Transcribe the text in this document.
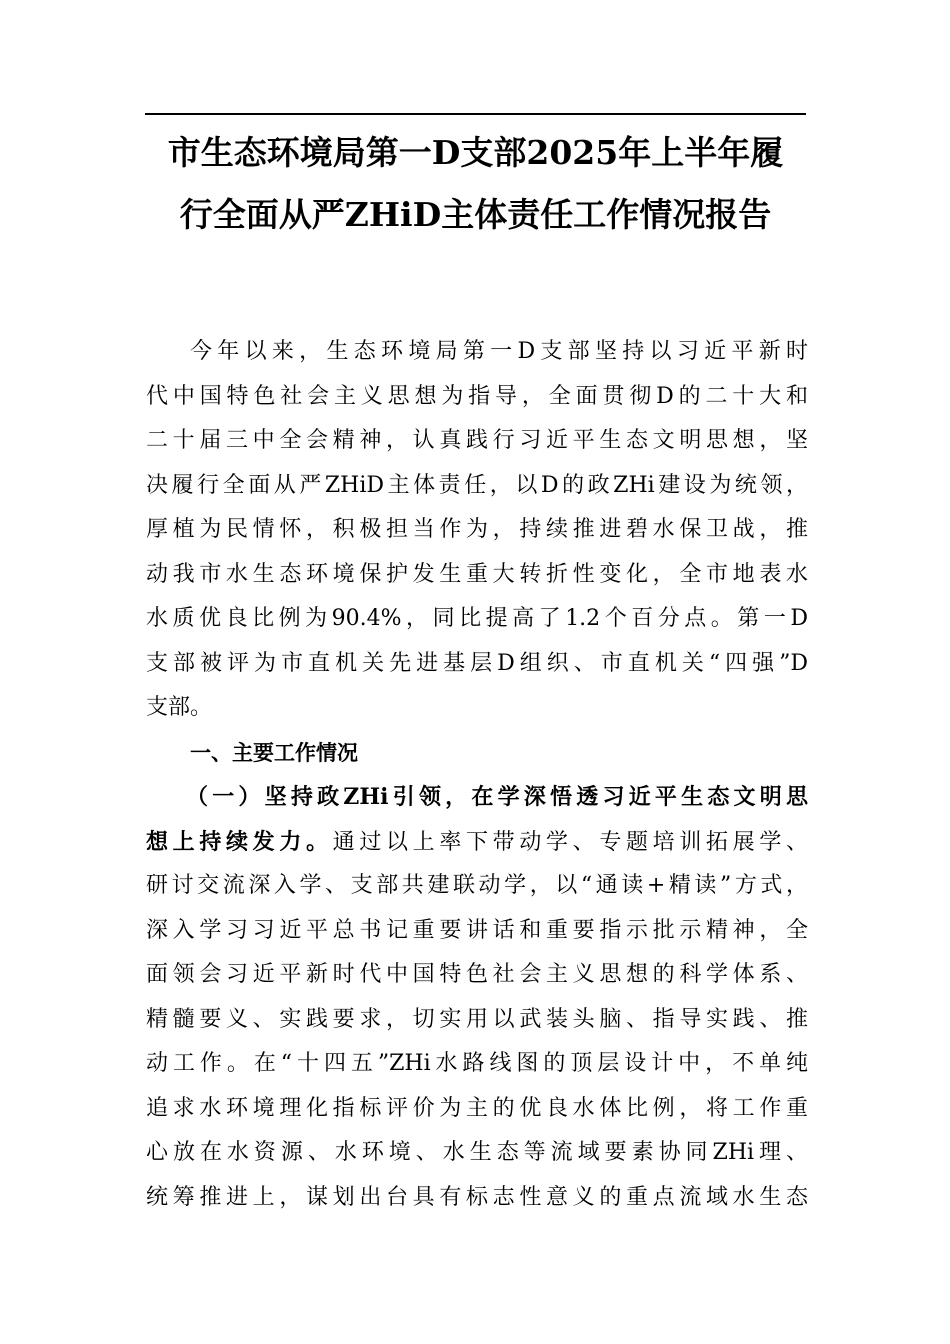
市生态环境局第一D支部2025年上半年履
行全面从严ZHiD主体责任工作情况报告
今年以来，生态环境局第一D支部坚持以习近平新时
代中国特色社会主义思想为指导，全面贯彻D的二十大和
二十届三中全会精神，认真践行习近平生态文明思想，坚
决履行全面从严ZHiD主体责任，以D的政ZHi建设为统领，
厚植为民情怀，积极担当作为，持续推进碧水保卫战，推
动我市水生态环境保护发生重大转折性变化，全市地表水
水质优良比例为90.4%，同比提高了1.2个百分点。第一D
支部被评为市直机关先进基层D组织、市直机关“四强”D
支部。
一、主要工作情况
（一）坚持政ZHi引领，在学深悟透习近平生态文明思
想上持续发力。通过以上率下带动学、专题培训拓展学、
研讨交流深入学、支部共建联动学，以“通读+精读”方式，
深入学习习近平总书记重要讲话和重要指示批示精神，全
面领会习近平新时代中国特色社会主义思想的科学体系、
精髓要义、实践要求，切实用以武装头脑、指导实践、推
动工作。在“十四五”ZHi水路线图的顶层设计中，不单纯
追求水环境理化指标评价为主的优良水体比例，将工作重
心放在水资源、水环境、水生态等流域要素协同ZHi理、
统筹推进上，谋划出台具有标志性意义的重点流域水生态
